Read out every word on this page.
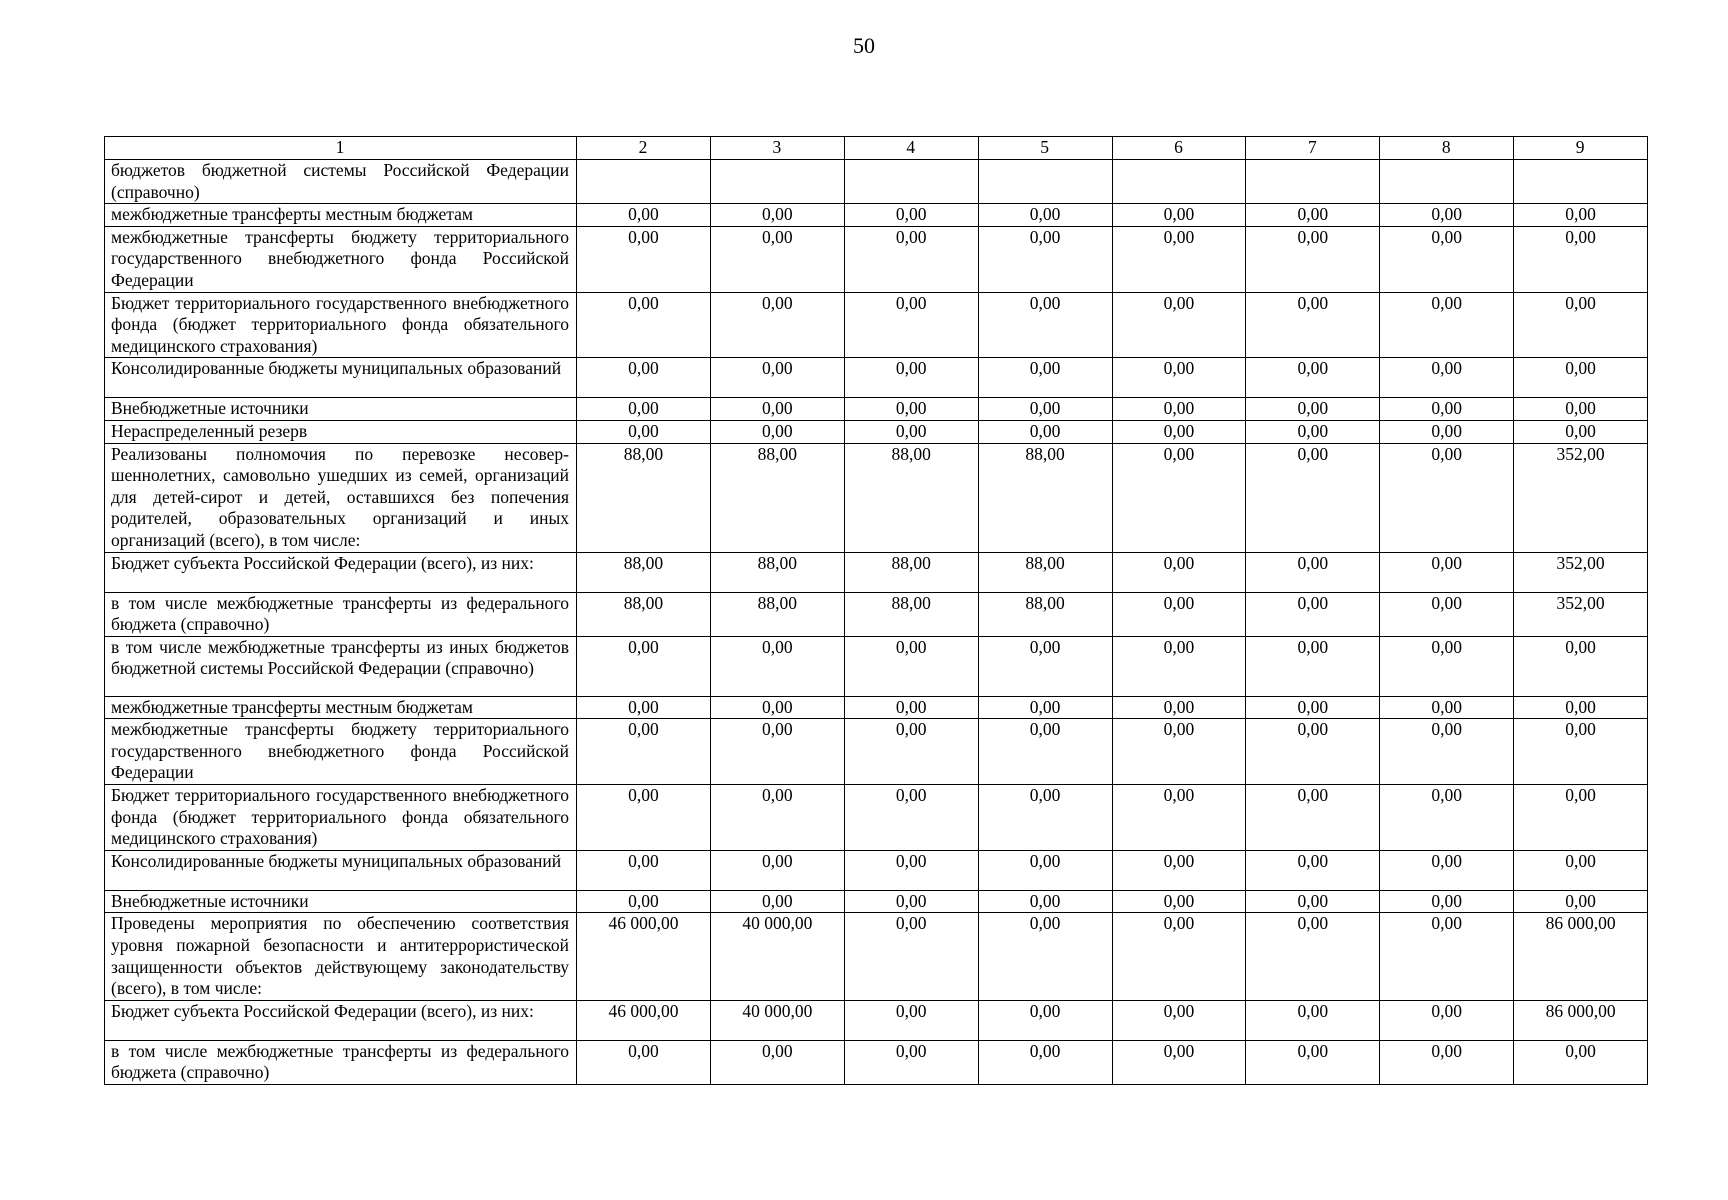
50
1	2	3	4	5	6	7	8	9
бюджетов бюджетной системы Российской Федерации (справочно)								
межбюджетные трансферты местным бюджетам	0,00	0,00	0,00	0,00	0,00	0,00	0,00	0,00
межбюджетные трансферты бюджету территориального государственного внебюджетного фонда Российской Федерации	0,00	0,00	0,00	0,00	0,00	0,00	0,00	0,00
Бюджет территориального государственного внебюджетного фонда (бюджет территориального фонда обязательного медицинского страхования)	0,00	0,00	0,00	0,00	0,00	0,00	0,00	0,00
Консолидированные бюджеты муниципальных образований	0,00	0,00	0,00	0,00	0,00	0,00	0,00	0,00
Внебюджетные источники	0,00	0,00	0,00	0,00	0,00	0,00	0,00	0,00
Нераспределенный резерв	0,00	0,00	0,00	0,00	0,00	0,00	0,00	0,00
Реализованы полномочия по перевозке несовершеннолетних, самовольно ушедших из семей, организаций для детей-сирот и детей, оставшихся без попечения родителей, образовательных организаций и иных организаций (всего), в том числе:	88,00	88,00	88,00	88,00	0,00	0,00	0,00	352,00
Бюджет субъекта Российской Федерации (всего), из них:	88,00	88,00	88,00	88,00	0,00	0,00	0,00	352,00
в том числе межбюджетные трансферты из федерального бюджета (справочно)	88,00	88,00	88,00	88,00	0,00	0,00	0,00	352,00
в том числе межбюджетные трансферты из иных бюджетов бюджетной системы Российской Федерации (справочно)	0,00	0,00	0,00	0,00	0,00	0,00	0,00	0,00
межбюджетные трансферты местным бюджетам	0,00	0,00	0,00	0,00	0,00	0,00	0,00	0,00
межбюджетные трансферты бюджету территориального государственного внебюджетного фонда Российской Федерации	0,00	0,00	0,00	0,00	0,00	0,00	0,00	0,00
Бюджет территориального государственного внебюджетного фонда (бюджет территориального фонда обязательного медицинского страхования)	0,00	0,00	0,00	0,00	0,00	0,00	0,00	0,00
Консолидированные бюджеты муниципальных образований	0,00	0,00	0,00	0,00	0,00	0,00	0,00	0,00
Внебюджетные источники	0,00	0,00	0,00	0,00	0,00	0,00	0,00	0,00
Проведены мероприятия по обеспечению соответствия уровня пожарной безопасности и антитеррористической защищенности объектов действующему законодательству (всего), в том числе:	46 000,00	40 000,00	0,00	0,00	0,00	0,00	0,00	86 000,00
Бюджет субъекта Российской Федерации (всего), из них:	46 000,00	40 000,00	0,00	0,00	0,00	0,00	0,00	86 000,00
в том числе межбюджетные трансферты из федерального бюджета (справочно)	0,00	0,00	0,00	0,00	0,00	0,00	0,00	0,00
